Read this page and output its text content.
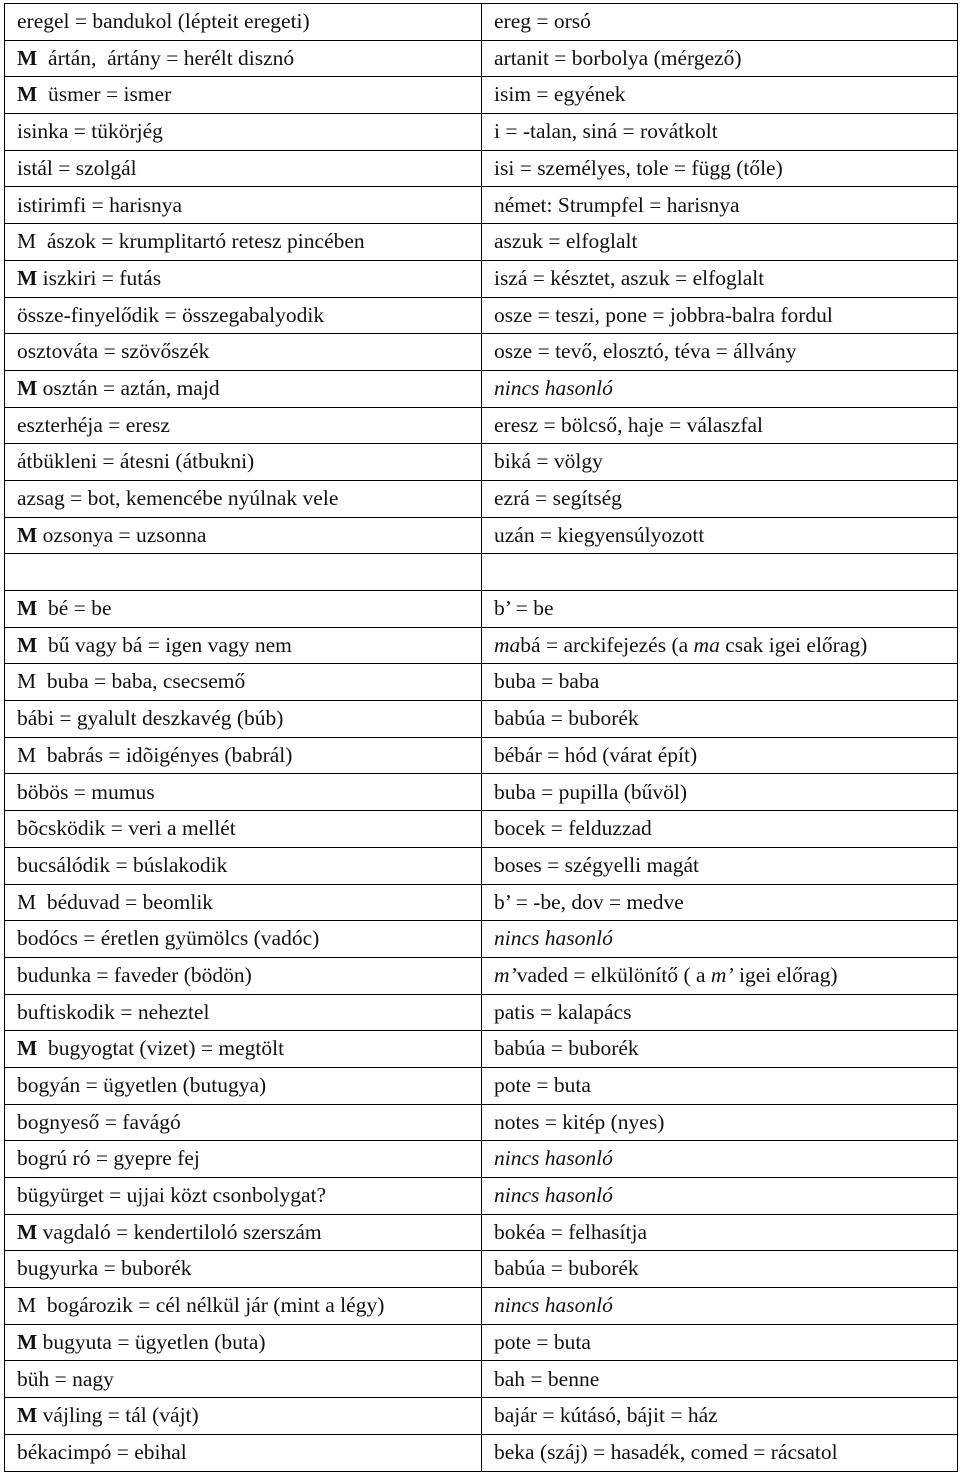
eregel = bandukol (lépteit eregeti)	ereg = orsó
M  ártán,  ártány = herélt disznó	artanit = borbolya (mérgező)
M  üsmer = ismer	isim = egyének
isinka = tükörjég	i = -talan, siná = rovátkolt
istál = szolgál	isi = személyes, tole = függ (tőle)
istirimfi = harisnya	német: Strumpfel = harisnya
M  ászok = krumplitartó retesz pincében	aszuk = elfoglalt
M iszkiri = futás	iszá = késztet, aszuk = elfoglalt
össze-finyelődik = összegabalyodik	osze = teszi, pone = jobbra-balra fordul
osztováta = szövőszék	osze = tevő, elosztó, téva = állvány
M osztán = aztán, majd	nincs hasonló
eszterhéja = eresz	eresz = bölcső, haje = válaszfal
átbükleni = átesni (átbukni)	biká = völgy
azsag = bot, kemencébe nyúlnak vele	ezrá = segítség
M ozsonya = uzsonna	uzán = kiegyensúlyozott

M  bé = be	b’ = be
M  bű vagy bá = igen vagy nem	mabá = arckifejezés (a ma csak igei előrag)
M  buba = baba, csecsemő	buba = baba
bábi = gyalult deszkavég (búb)	babúa = buborék
M  babrás = idõigényes (babrál)	bébár = hód (várat épít)
böbös = mumus	buba = pupilla (bűvöl)
bõcsködik = veri a mellét	bocek = felduzzad
bucsálódik = búslakodik	boses = szégyelli magát
M  béduvad = beomlik	b’ = -be, dov = medve
bodócs = éretlen gyümölcs (vadóc)	nincs hasonló
budunka = faveder (bödön)	m’vaded = elkülönítő ( a m’ igei előrag)
buftiskodik = neheztel	patis = kalapács
M  bugyogtat (vizet) = megtölt	babúa = buborék
bogyán = ügyetlen (butugya)	pote = buta
bognyeső = favágó	notes = kitép (nyes)
bogrú ró = gyepre fej	nincs hasonló
bügyürget = ujjai közt csonbolygat?	nincs hasonló
M vagdaló = kendertiloló szerszám	bokéa = felhasítja
bugyurka = buborék	babúa = buborék
M  bogározik = cél nélkül jár (mint a légy)	nincs hasonló
M bugyuta = ügyetlen (buta)	pote = buta
büh = nagy	bah = benne
M vájling = tál (vájt)	bajár = kútásó, bájit = ház
békacimpó = ebihal	beka (száj) = hasadék, comed = rácsatol
